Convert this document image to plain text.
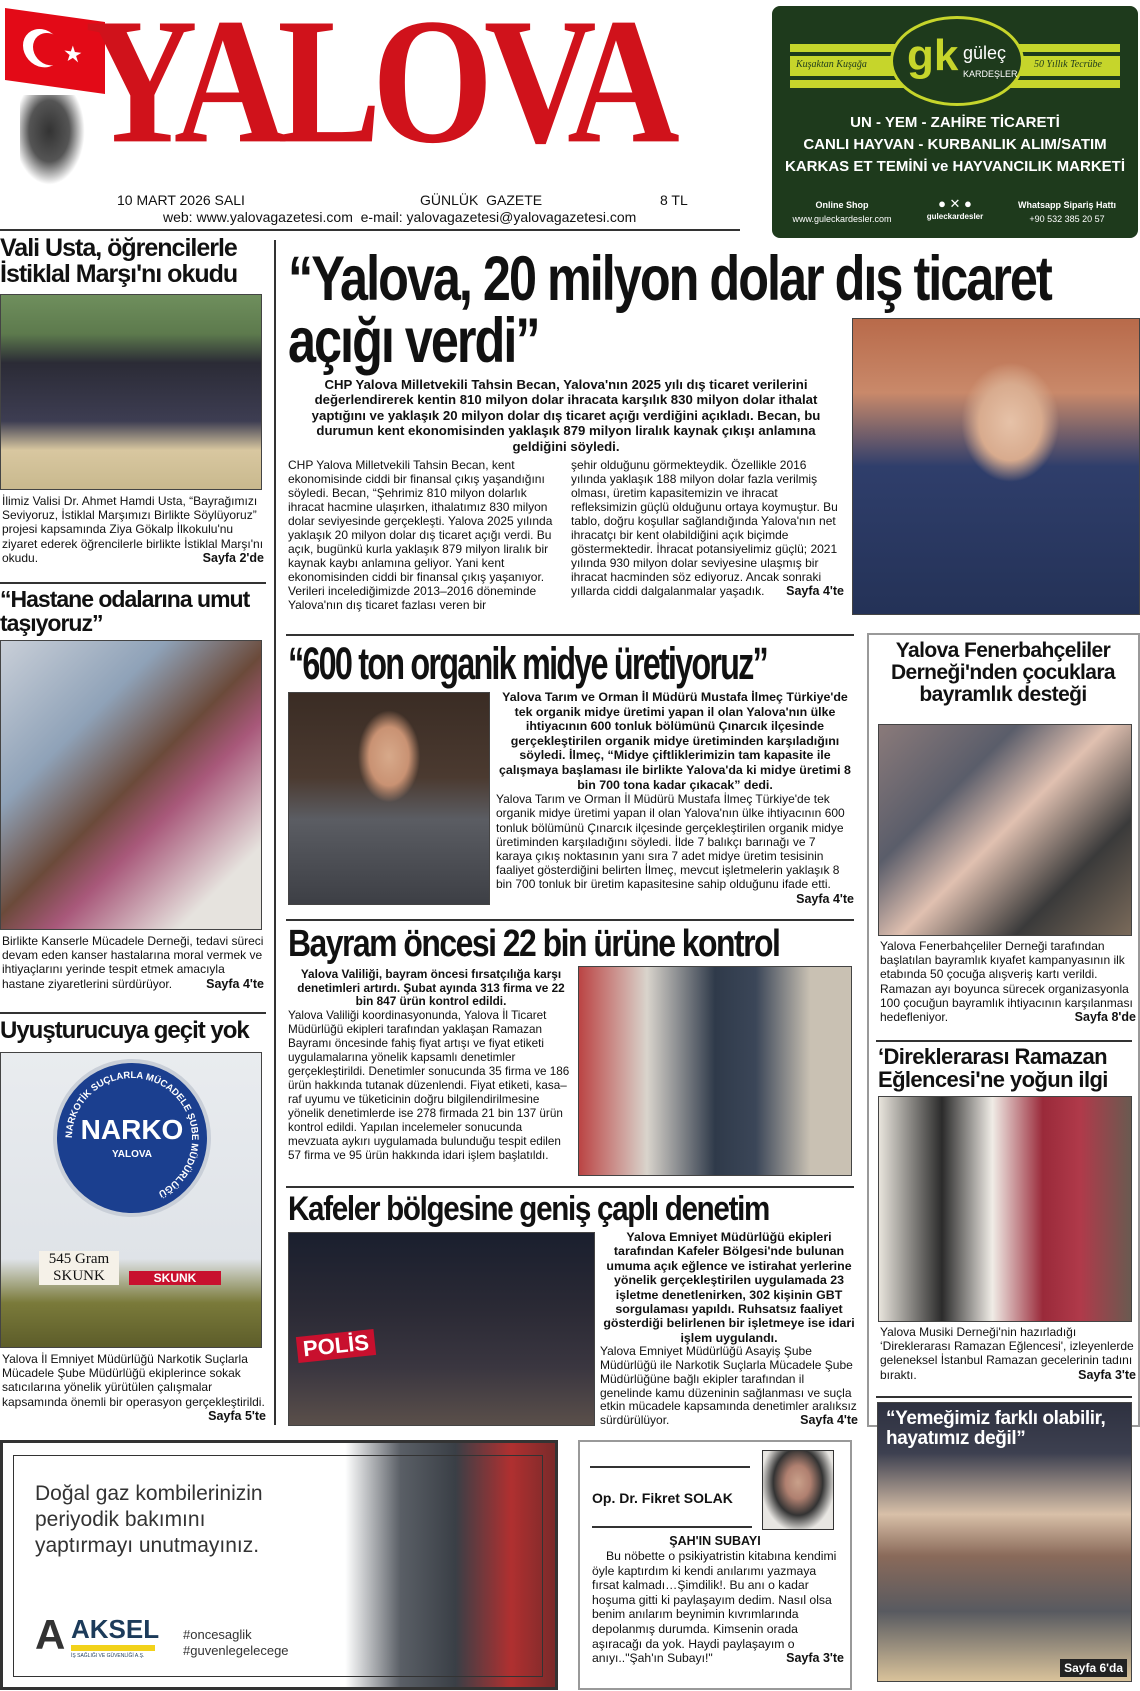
★ YALOVA
10 MART 2026 SALI	GÜNLÜK  GAZETE	8 TL
web: www.yalovagazetesi.com  e-mail: yalovagazetesi@yalovagazetesi.com
Kuşaktan Kuşağa	50 Yıllık Tecrübe
gk güleç
KARDEŞLER
UN - YEM - ZAHİRE TİCARETİ
CANLI HAYVAN - KURBANLIK ALIM/SATIM
KARKAS ET TEMİNİ ve HAYVANCILIK MARKETİ
Online Shop
www.guleckardesler.com
● ✕ ●
guleckardesler
Whatsapp Sipariş Hattı
+90 532 385 20 57
Vali Usta, öğrencilerle İstiklal Marşı'nı okudu
İlimiz Valisi Dr. Ahmet Hamdi Usta, “Bayrağımızı Seviyoruz, İstiklal Marşımızı Birlikte Söylüyoruz” projesi kapsamında Ziya Gökalp İlkokulu'nu ziyaret ederek öğrencilerle birlikte İstiklal Marşı'nı okudu.	Sayfa 2'de
“Hastane odalarına umut taşıyoruz”
Birlikte Kanserle Mücadele Derneği, tedavi süreci devam eden kanser hastalarına moral vermek ve ihtiyaçlarını yerinde tespit etmek amacıyla hastane ziyaretlerini sürdürüyor.	Sayfa 4'te
Uyuşturucuya geçit yok
NARKOTİK SUÇLARLA MÜCADELE ŞUBE MÜDÜRLÜĞÜ
NARKO
YALOVA
545 Gram SKUNK	SKUNK
Yalova İl Emniyet Müdürlüğü Narkotik Suçlarla Mücadele Şube Müdürlüğü ekiplerince sokak satıcılarına yönelik yürütülen çalışmalar kapsamında önemli bir operasyon gerçekleştirildi.
Sayfa 5'te
“Yalova, 20 milyon dolar dış ticaret açığı verdi”
CHP Yalova Milletvekili Tahsin Becan, Yalova'nın 2025 yılı dış ticaret verilerini değerlendirerek kentin 810 milyon dolar ihracata karşılık 830 milyon dolar ithalat yaptığını ve yaklaşık 20 milyon dolar dış ticaret açığı verdiğini açıkladı. Becan, bu durumun kent ekonomisinden yaklaşık 879 milyon liralık kaynak çıkışı anlamına geldiğini söyledi.
CHP Yalova Milletvekili Tahsin Becan, kent ekonomisinde ciddi bir finansal çıkış yaşandığını söyledi. Becan, “Şehrimiz 810 milyon dolarlık ihracat hacmine ulaşırken, ithalatımız 830 milyon dolar seviyesinde gerçekleşti. Yalova 2025 yılında yaklaşık 20 milyon dolar dış ticaret açığı verdi. Bu açık, bugünkü kurla yaklaşık 879 milyon liralık bir kaynak kaybı anlamına geliyor. Yani kent ekonomisinden ciddi bir finansal çıkış yaşanıyor. Verileri incelediğimizde 2013–2016 döneminde Yalova'nın dış ticaret fazlası veren bir
şehir olduğunu görmekteydik. Özellikle 2016 yılında yaklaşık 188 milyon dolar fazla verilmiş olması, üretim kapasitemizin ve ihracat refleksimizin güçlü olduğunu ortaya koymuştur. Bu tablo, doğru koşullar sağlandığında Yalova'nın net ihracatçı bir kent olabildiğini açık biçimde göstermektedir. İhracat potansiyelimiz güçlü; 2021 yılında 930 milyon dolar seviyesine ulaşmış bir ihracat hacminden söz ediyoruz. Ancak sonraki yıllarda ciddi dalgalanmalar yaşadık. Sayfa 4'te
“600 ton organik midye üretiyoruz”
Yalova Tarım ve Orman İl Müdürü Mustafa İlmeç Türkiye'de tek organik midye üretimi yapan il olan Yalova'nın ülke ihtiyacının 600 tonluk bölümünü Çınarcık ilçesinde gerçekleştirilen organik midye üretiminden karşıladığını söyledi. İlmeç, “Midye çiftliklerimizin tam kapasite ile çalışmaya başlaması ile birlikte Yalova'da ki midye üretimi 8 bin 700 tona kadar çıkacak” dedi.
Yalova Tarım ve Orman İl Müdürü Mustafa İlmeç Türkiye'de tek organik midye üretimi yapan il olan Yalova'nın ülke ihtiyacının 600 tonluk bölümünü Çınarcık ilçesinde gerçekleştirilen organik midye üretiminden karşıladığını söyledi. İlde 7 balıkçı barınağı ve 7 karaya çıkış noktasının yanı sıra 7 adet midye üretim tesisinin faaliyet gösterdiğini belirten İlmeç, mevcut işletmelerin yaklaşık 8 bin 700 tonluk bir üretim kapasitesine sahip olduğunu ifade etti.
Sayfa 4'te
Bayram öncesi 22 bin ürüne kontrol
Yalova Valiliği, bayram öncesi fırsatçılığa karşı denetimleri artırdı. Şubat ayında 313 firma ve 22 bin 847 ürün kontrol edildi.
Yalova Valiliği koordinasyonunda, Yalova İl Ticaret Müdürlüğü ekipleri tarafından yaklaşan Ramazan Bayramı öncesinde fahiş fiyat artışı ve fiyat etiketi uygulamalarına yönelik kapsamlı denetimler gerçekleştirildi. Denetimler sonucunda 35 firma ve 186 ürün hakkında tutanak düzenlendi. Fiyat etiketi, kasa–raf uyumu ve tüketicinin doğru bilgilendirilmesine yönelik denetimlerde ise 278 firmada 21 bin 137 ürün kontrol edildi. Yapılan incelemeler sonucunda mevzuata aykırı uygulamada bulunduğu tespit edilen 57 firma ve 95 ürün hakkında idari işlem başlatıldı.
Kafeler bölgesine geniş çaplı denetim
POLİS
Yalova Emniyet Müdürlüğü ekipleri tarafından Kafeler Bölgesi'nde bulunan umuma açık eğlence ve istirahat yerlerine yönelik gerçekleştirilen uygulamada 23 işletme denetlenirken, 302 kişinin GBT sorgulaması yapıldı. Ruhsatsız faaliyet gösterdiği belirlenen bir işletmeye ise idari işlem uygulandı.
Yalova Emniyet Müdürlüğü Asayiş Şube Müdürlüğü ile Narkotik Suçlarla Mücadele Şube Müdürlüğüne bağlı ekipler tarafından il genelinde kamu düzeninin sağlanması ve suçla etkin mücadele kapsamında denetimler aralıksız sürdürülüyor.	Sayfa 4'te
Yalova Fenerbahçeliler Derneği'nden çocuklara bayramlık desteği
Yalova Fenerbahçeliler Derneği tarafından başlatılan bayramlık kıyafet kampanyasının ilk etabında 50 çocuğa alışveriş kartı verildi. Ramazan ayı boyunca sürecek organizasyonla 100 çocuğun bayramlık ihtiyacının karşılanması hedefleniyor.	Sayfa 8'de
‘Direklerarası Ramazan Eğlencesi'ne yoğun ilgi
Yalova Musiki Derneği'nin hazırladığı ‘Direklerarası Ramazan Eğlencesi', izleyenlerde geleneksel İstanbul Ramazan gecelerinin tadını bıraktı.	Sayfa 3'te
“Yemeğimiz farklı olabilir, hayatımız değil”
Sayfa 6'da
Doğal gaz kombilerinizin
periyodik bakımını
yaptırmayı unutmayınız.
A AKSEL
İŞ SAĞLIĞI VE GÜVENLİĞİ A.Ş.
#oncesaglik
#guvenlegelecege
Op. Dr. Fikret SOLAK
ŞAH'IN SUBAYI
Bu nöbette o psikiyatristin kitabına kendimi öyle kaptırdım ki kendi anılarımı yazmaya fırsat kalmadı…Şimdilik!. Bu anı o kadar hoşuma gitti ki paylaşayım dedim. Nasıl olsa benim anılarım beynimin kıvrımlarında depolanmış durumda. Kimsenin orada aşıracağı da yok. Haydi paylaşayım o anıyı.."Şah'ın Subayı!"	Sayfa 3'te
